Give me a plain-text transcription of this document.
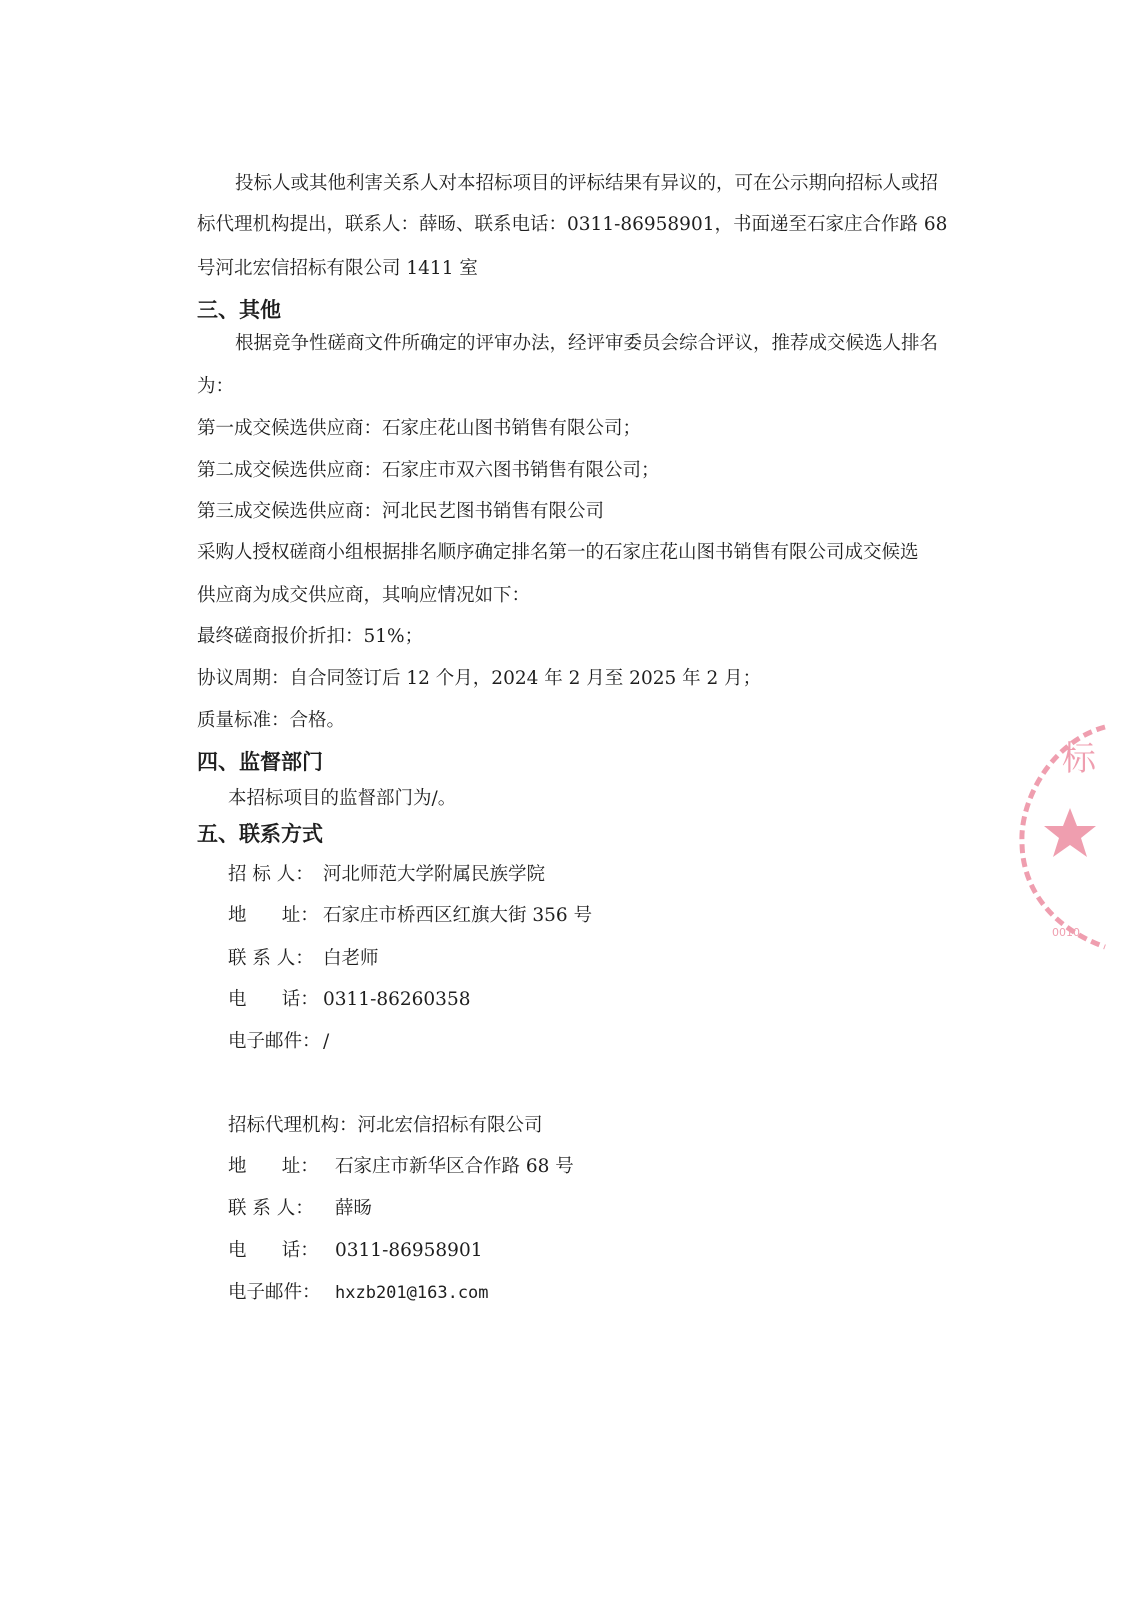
投标人或其他利害关系人对本招标项目的评标结果有异议的，可在公示期向招标人或招
标代理机构提出，联系人：薛旸、联系电话：0311-86958901，书面递至石家庄合作路 68
号河北宏信招标有限公司 1411 室
三、其他
根据竞争性磋商文件所确定的评审办法，经评审委员会综合评议，推荐成交候选人排名
为：
第一成交候选供应商：石家庄花山图书销售有限公司；
第二成交候选供应商：石家庄市双六图书销售有限公司；
第三成交候选供应商：河北民艺图书销售有限公司
采购人授权磋商小组根据排名顺序确定排名第一的石家庄花山图书销售有限公司成交候选
供应商为成交供应商，其响应情况如下：
最终磋商报价折扣：51%；
协议周期：自合同签订后 12 个月，2024 年 2 月至 2025 年 2 月；
质量标准：合格。
四、监督部门
本招标项目的监督部门为/。
五、联系方式
招 标 人： 河北师范大学附属民族学院
地      址： 石家庄市桥西区红旗大街 356 号
联 系 人： 白老师
电      话： 0311-86260358
电子邮件： /
招标代理机构：河北宏信招标有限公司
地      址： 石家庄市新华区合作路 68 号
联 系 人： 薛旸
电      话： 0311-86958901
电子邮件： hxzb201@163.com
标
0010
